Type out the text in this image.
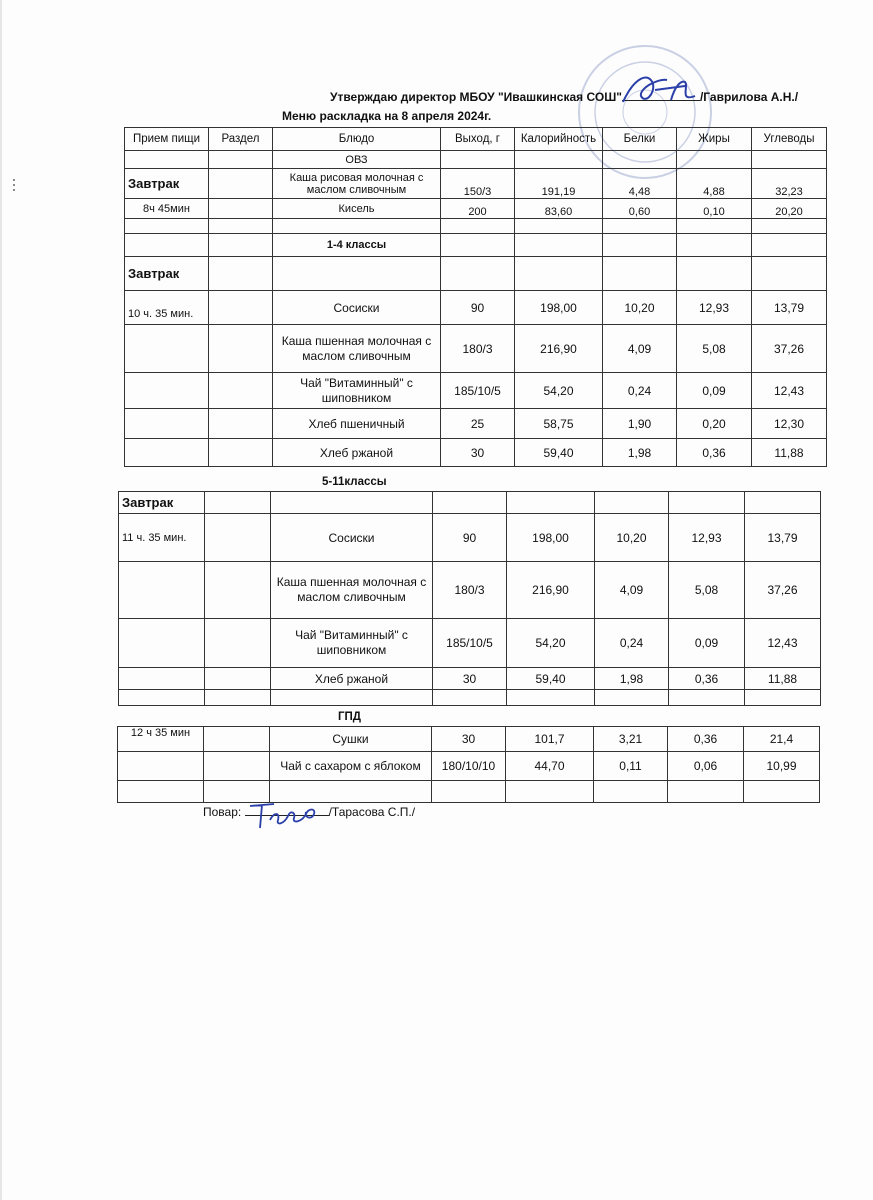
Утверждаю директор МБОУ "Ивашкинская СОШ"	/Гаврилова А.Н./
Меню раскладка на 8 апреля 2024г.
Прием пищи	Раздел	Блюдо	Выход, г	Калорийность	Белки	Жиры	Углеводы
		ОВЗ					
Завтрак		Каша рисовая молочная с маслом сливочным	150/3	191,19	4,48	4,88	32,23
8ч 45мин		Кисель	200	83,60	0,60	0,10	20,20

		1-4 классы					
Завтрак							
10 ч. 35 мин.		Сосиски	90	198,00	10,20	12,93	13,79
		Каша пшенная молочная с маслом сливочным	180/3	216,90	4,09	5,08	37,26
		Чай "Витаминный" с шиповником	185/10/5	54,20	0,24	0,09	12,43
		Хлеб пшеничный	25	58,75	1,90	0,20	12,30
		Хлеб ржаной	30	59,40	1,98	0,36	11,88
5-11классы
Завтрак							
11 ч. 35 мин.		Сосиски	90	198,00	10,20	12,93	13,79
		Каша пшенная молочная с маслом сливочным	180/3	216,90	4,09	5,08	37,26
		Чай "Витаминный" с шиповником	185/10/5	54,20	0,24	0,09	12,43
		Хлеб ржаной	30	59,40	1,98	0,36	11,88

ГПД
12 ч 35 мин		Сушки	30	101,7	3,21	0,36	21,4
		Чай с сахаром с яблоком	180/10/10	44,70	0,11	0,06	10,99

Повар:	/Тарасова С.П./
